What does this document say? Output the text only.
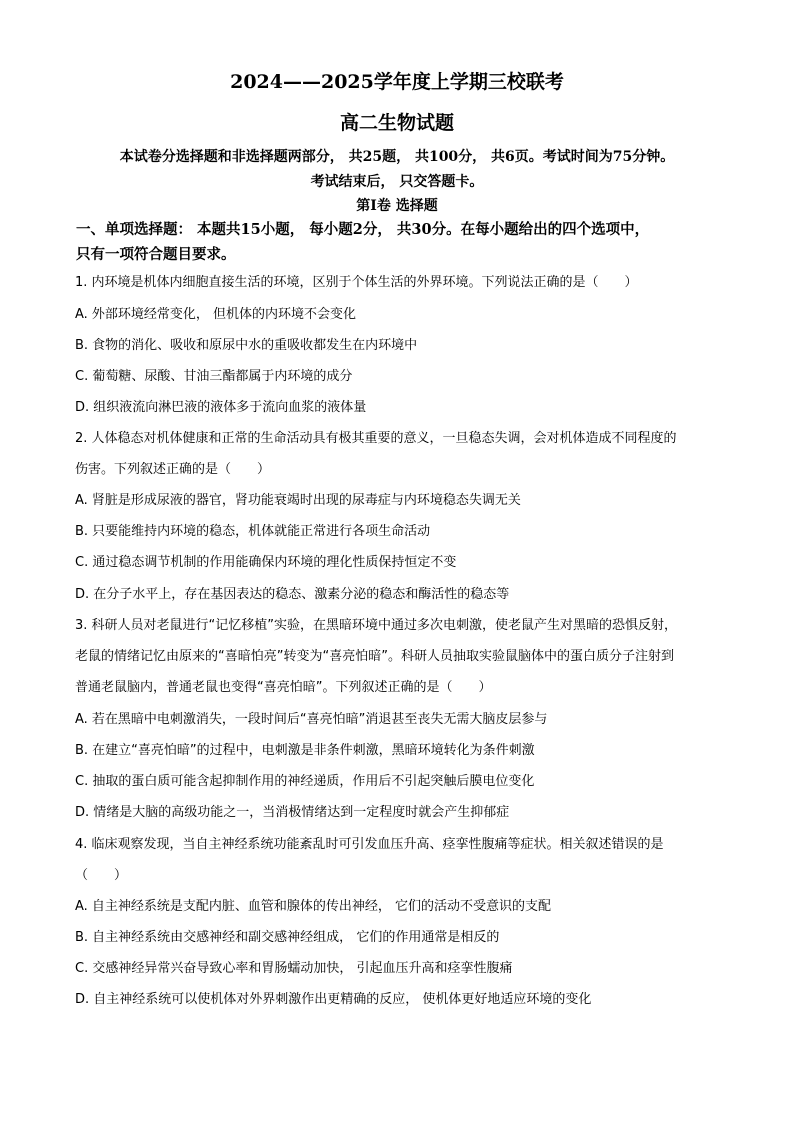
2024——2025学年度上学期三校联考
高二生物试题
本试卷分选择题和非选择题两部分， 共25题， 共100分， 共6页。考试时间为75分钟。
考试结束后， 只交答题卡。
第Ⅰ卷 选择题
一、单项选择题： 本题共15小题， 每小题2分， 共30分。在每小题给出的四个选项中，
只有一项符合题目要求。
1. 内环境是机体内细胞直接生活的环境，区别于个体生活的外界环境。下列说法正确的是（　　）
A. 外部环境经常变化， 但机体的内环境不会变化
B. 食物的消化、吸收和原尿中水的重吸收都发生在内环境中
C. 葡萄糖、尿酸、甘油三酯都属于内环境的成分
D. 组织液流向淋巴液的液体多于流向血浆的液体量
2. 人体稳态对机体健康和正常的生命活动具有极其重要的意义，一旦稳态失调，会对机体造成不同程度的
伤害。下列叙述正确的是（　　）
A. 肾脏是形成尿液的器官，肾功能衰竭时出现的尿毒症与内环境稳态失调无关
B. 只要能维持内环境的稳态，机体就能正常进行各项生命活动
C. 通过稳态调节机制的作用能确保内环境的理化性质保持恒定不变
D. 在分子水平上，存在基因表达的稳态、激素分泌的稳态和酶活性的稳态等
3. 科研人员对老鼠进行“记忆移植”实验，在黑暗环境中通过多次电刺激，使老鼠产生对黑暗的恐惧反射，
老鼠的情绪记忆由原来的“喜暗怕亮”转变为“喜亮怕暗”。科研人员抽取实验鼠脑体中的蛋白质分子注射到
普通老鼠脑内，普通老鼠也变得“喜亮怕暗”。下列叙述正确的是（　　）
A. 若在黑暗中电刺激消失，一段时间后“喜亮怕暗”消退甚至丧失无需大脑皮层参与
B. 在建立“喜亮怕暗”的过程中，电刺激是非条件刺激，黑暗环境转化为条件刺激
C. 抽取的蛋白质可能含起抑制作用的神经递质，作用后不引起突触后膜电位变化
D. 情绪是大脑的高级功能之一，当消极情绪达到一定程度时就会产生抑郁症
4. 临床观察发现，当自主神经系统功能紊乱时可引发血压升高、痉挛性腹痛等症状。相关叙述错误的是
（　　）
A. 自主神经系统是支配内脏、血管和腺体的传出神经， 它们的活动不受意识的支配
B. 自主神经系统由交感神经和副交感神经组成， 它们的作用通常是相反的
C. 交感神经异常兴奋导致心率和胃肠蠕动加快， 引起血压升高和痉挛性腹痛
D. 自主神经系统可以使机体对外界刺激作出更精确的反应， 使机体更好地适应环境的变化
